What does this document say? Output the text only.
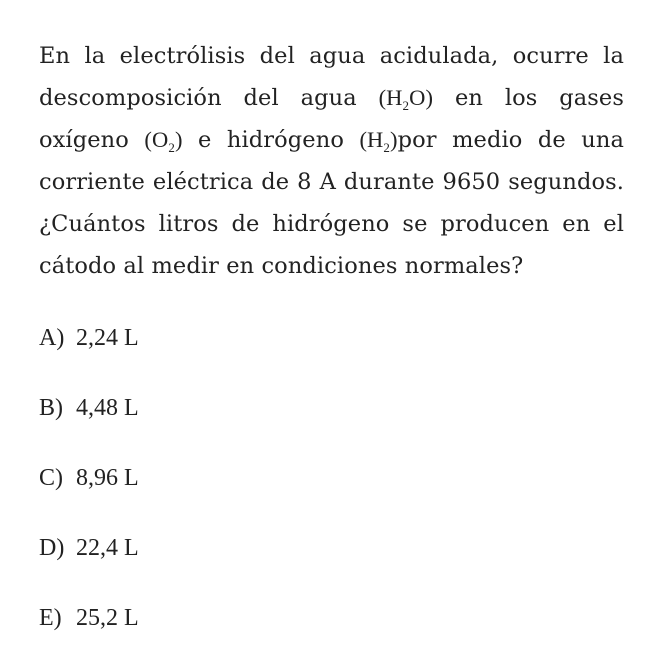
En la electrólisis del agua acidulada, ocurre la
descomposición del agua $(H_2O)$ en los gases
oxígeno $(O_2)$ e hidrógeno $(H_2)por$ medio de una
corriente eléctrica de 8 A durante 9650 segundos.
¿Cuántos litros de hidrógeno se producen en el
cátodo al medir en condiciones normales?
A) 2,24 L
B) 4,48 L
C) 8,96 L
D) 22,4 L
E) 25,2 L
